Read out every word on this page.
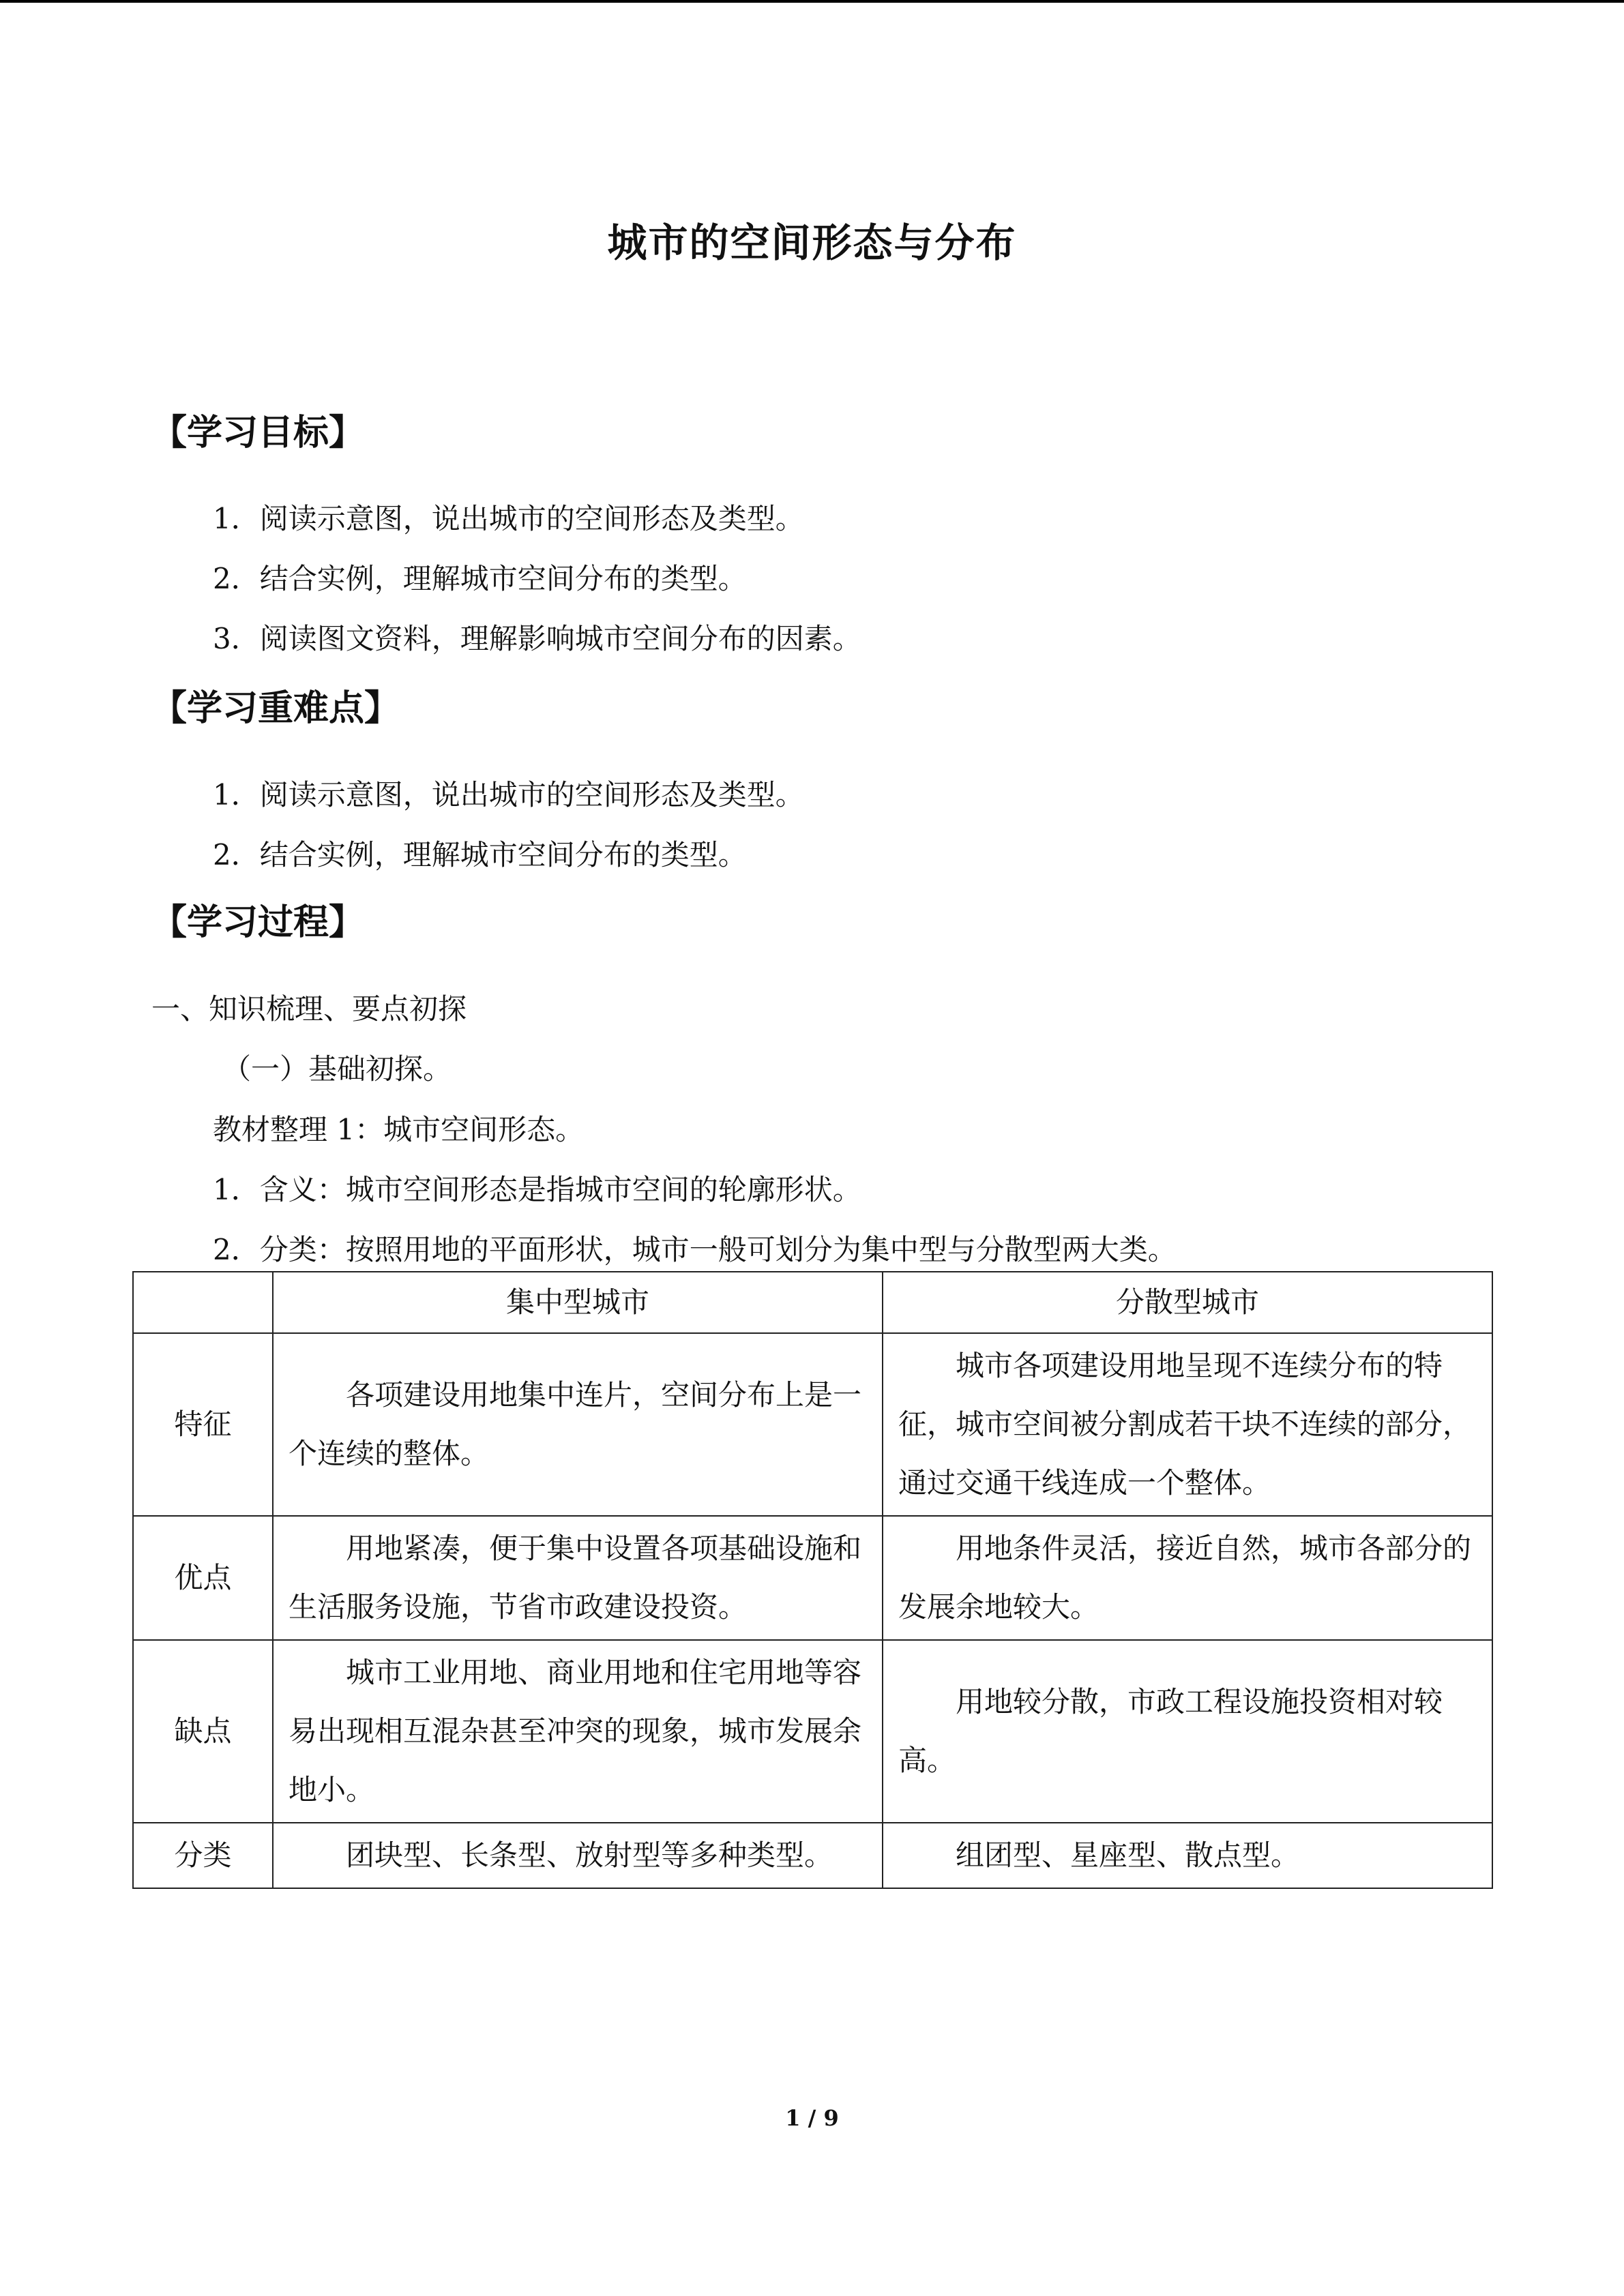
城市的空间形态与分布
【学习目标】

1．阅读示意图，说出城市的空间形态及类型。

2．结合实例，理解城市空间分布的类型。

3．阅读图文资料，理解影响城市空间分布的因素。

【学习重难点】

1．阅读示意图，说出城市的空间形态及类型。

2．结合实例，理解城市空间分布的类型。

【学习过程】

一、知识梳理、要点初探

（一）基础初探。

教材整理 1：城市空间形态。

1．含义：城市空间形态是指城市空间的轮廓形状。

2．分类：按照用地的平面形状，城市一般可划分为集中型与分散型两大类。

	集中型城市	分散型城市
特征	各项建设用地集中连片，空间分布上是一个连续的整体。	城市各项建设用地呈现不连续分布的特征，城市空间被分割成若干块不连续的部分，通过交通干线连成一个整体。
优点	用地紧凑，便于集中设置各项基础设施和生活服务设施，节省市政建设投资。	用地条件灵活，接近自然，城市各部分的发展余地较大。
缺点	城市工业用地、商业用地和住宅用地等容易出现相互混杂甚至冲突的现象，城市发展余地小。	用地较分散，市政工程设施投资相对较高。
分类	团块型、长条型、放射型等多种类型。	组团型、星座型、散点型。
1 / 9
